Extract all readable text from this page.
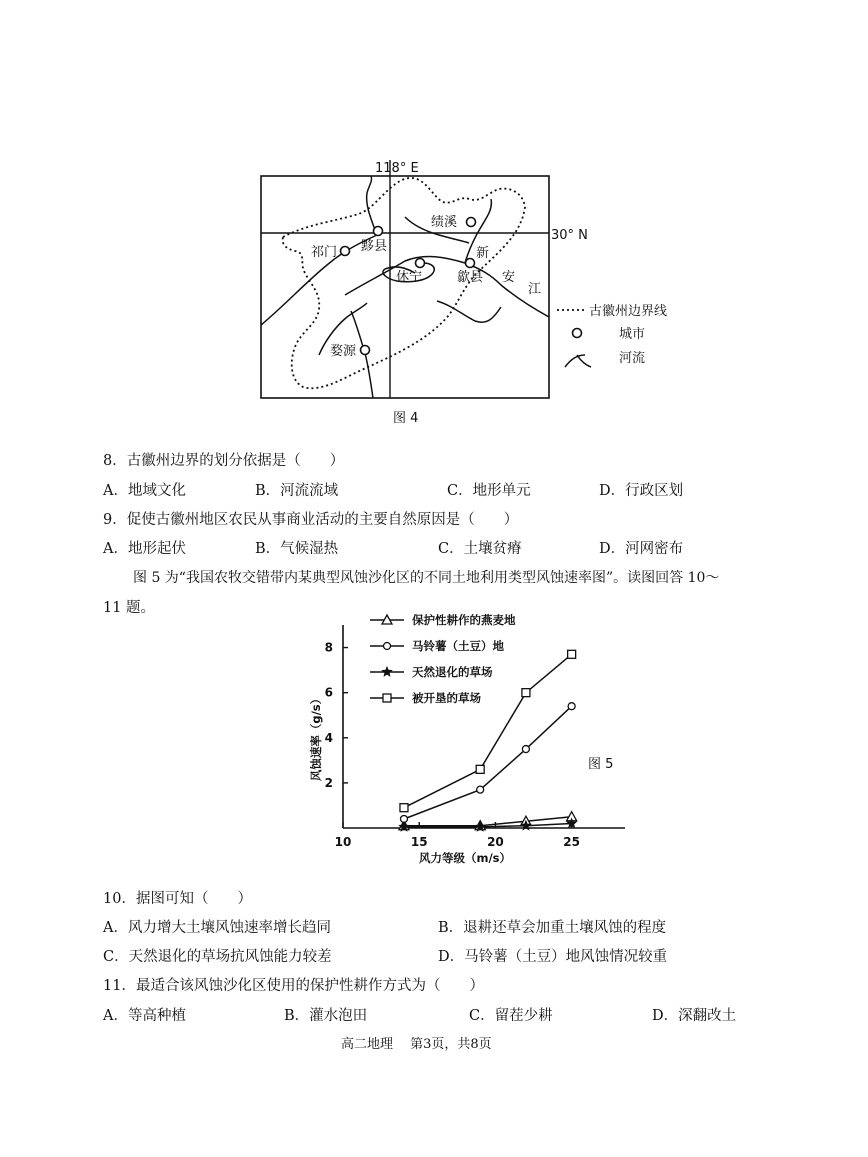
118° E
30° N
绩溪
祁门 黟县
休宁	歙县
婺源
新
安
江
古徽州边界线
城市
河流
图 4
8．古徽州边界的划分依据是（　　）
A．地域文化	B．河流流域	C．地形单元	D．行政区划
9．促使古徽州地区农民从事商业活动的主要自然原因是（　　）
A．地形起伏	B．气候湿热	C．土壤贫瘠	D．河网密布
图 5 为“我国农牧交错带内某典型风蚀沙化区的不同土地利用类型风蚀速率图”。读图回答 10～
11 题。
2
4
6
8
10	15	20	25
保护性耕作的燕麦地
马铃薯（土豆）地
天然退化的草场
被开垦的草场
风蚀速率（g/s）
风力等级（m/s）
图 5
10．据图可知（　　）
A．风力增大土壤风蚀速率增长趋同	B．退耕还草会加重土壤风蚀的程度
C．天然退化的草场抗风蚀能力较差	D．马铃薯（土豆）地风蚀情况较重
11．最适合该风蚀沙化区使用的保护性耕作方式为（　　）
A．等高种植	B．灌水泡田	C．留茬少耕	D．深翻改土
高二地理　 第3页，共8页
